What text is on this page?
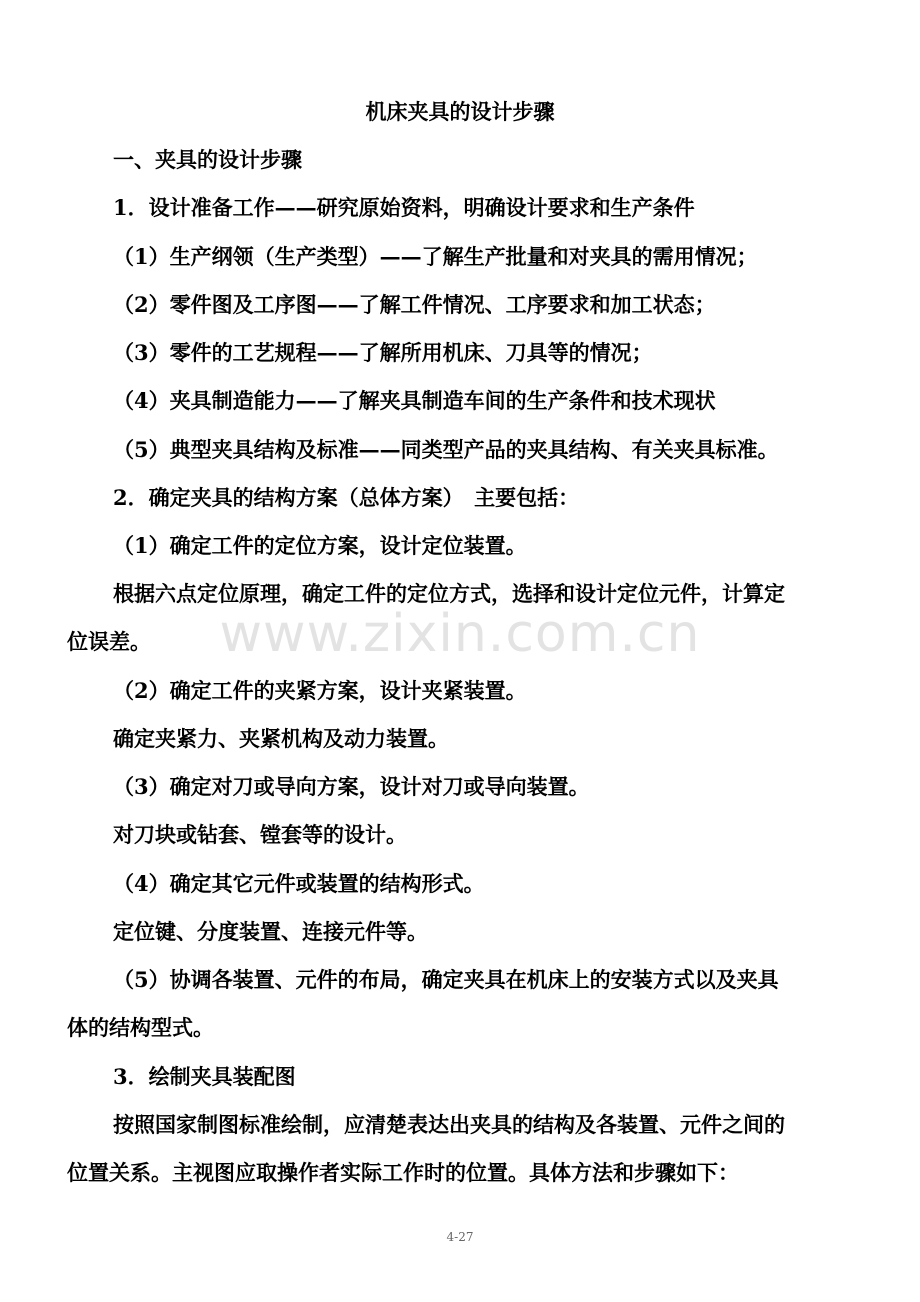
机床夹具的设计步骤
一、夹具的设计步骤
1．设计准备工作——研究原始资料，明确设计要求和生产条件
（1）生产纲领（生产类型）——了解生产批量和对夹具的需用情况；
（2）零件图及工序图——了解工件情况、工序要求和加工状态；
（3）零件的工艺规程——了解所用机床、刀具等的情况；
（4）夹具制造能力——了解夹具制造车间的生产条件和技术现状
（5）典型夹具结构及标准——同类型产品的夹具结构、有关夹具标准。
2．确定夹具的结构方案（总体方案）　主要包括：
（1）确定工件的定位方案，设计定位装置。
根据六点定位原理，确定工件的定位方式，选择和设计定位元件，计算定
位误差。
（2）确定工件的夹紧方案，设计夹紧装置。
确定夹紧力、夹紧机构及动力装置。
（3）确定对刀或导向方案，设计对刀或导向装置。
对刀块或钻套、镗套等的设计。
（4）确定其它元件或装置的结构形式。
定位键、分度装置、连接元件等。
（5）协调各装置、元件的布局，确定夹具在机床上的安装方式以及夹具
体的结构型式。
3．绘制夹具装配图
按照国家制图标准绘制，应清楚表达出夹具的结构及各装置、元件之间的
位置关系。主视图应取操作者实际工作时的位置。具体方法和步骤如下：
www.zixin.com.cn
4-27
